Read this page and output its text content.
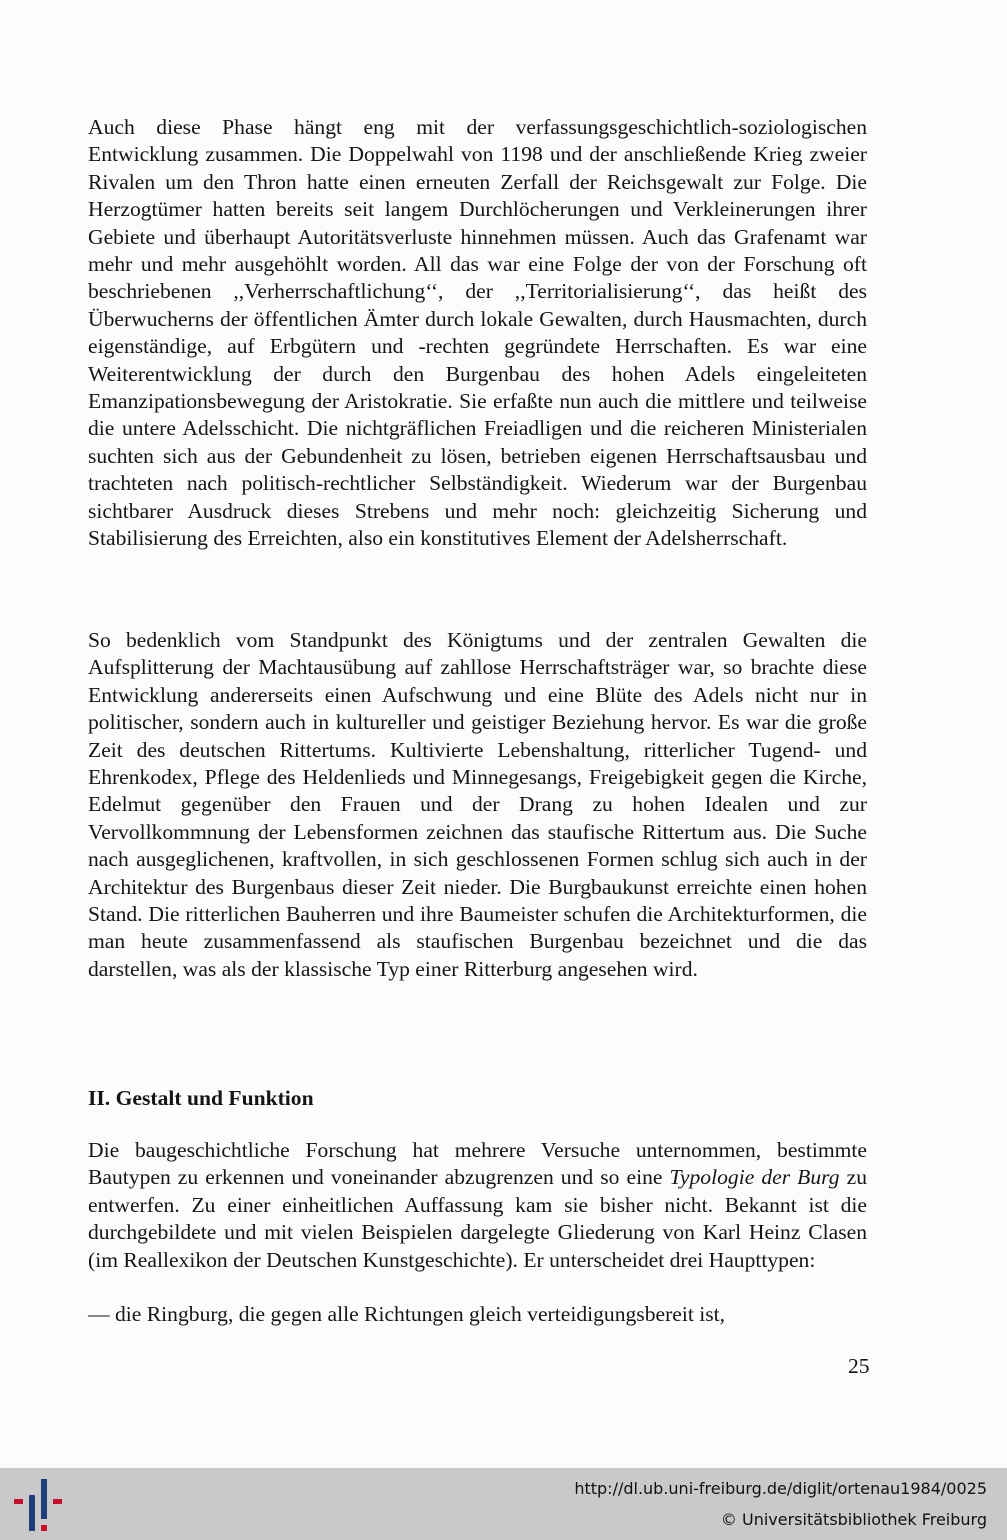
Auch diese Phase hängt eng mit der verfassungsgeschichtlich-soziologischen Entwicklung zusammen. Die Doppelwahl von 1198 und der anschließende Krieg zweier Rivalen um den Thron hatte einen erneuten Zerfall der Reichsgewalt zur Folge. Die Herzogtümer hatten bereits seit langem Durchlöcherungen und Verkleinerungen ihrer Gebiete und überhaupt Autoritätsverluste hinnehmen müssen. Auch das Grafenamt war mehr und mehr ausgehöhlt worden. All das war eine Folge der von der Forschung oft beschriebenen ,,Verherrschaftlichung‘‘, der ,,Territorialisierung‘‘, das heißt des Überwucherns der öffentlichen Ämter durch lokale Gewalten, durch Hausmachten, durch eigenständige, auf Erbgütern und -rechten gegründete Herrschaften. Es war eine Weiterentwicklung der durch den Burgenbau des hohen Adels eingeleiteten Emanzipationsbewegung der Aristokratie. Sie erfaßte nun auch die mittlere und teilweise die untere Adelsschicht. Die nichtgräflichen Freiadligen und die reicheren Ministerialen suchten sich aus der Gebundenheit zu lösen, betrieben eigenen Herrschaftsausbau und trachteten nach politisch-rechtlicher Selbständigkeit. Wiederum war der Burgenbau sichtbarer Ausdruck dieses Strebens und mehr noch: gleichzeitig Sicherung und Stabilisierung des Erreichten, also ein konstitutives Element der Adelsherrschaft.

So bedenklich vom Standpunkt des Königtums und der zentralen Gewalten die Aufsplitterung der Machtausübung auf zahllose Herrschaftsträger war, so brachte diese Entwicklung andererseits einen Aufschwung und eine Blüte des Adels nicht nur in politischer, sondern auch in kultureller und geistiger Beziehung hervor. Es war die große Zeit des deutschen Rittertums. Kultivierte Lebenshaltung, ritterlicher Tugend- und Ehrenkodex, Pflege des Heldenlieds und Minnegesangs, Freigebigkeit gegen die Kirche, Edelmut gegenüber den Frauen und der Drang zu hohen Idealen und zur Vervollkommnung der Lebensformen zeichnen das staufische Rittertum aus. Die Suche nach ausgeglichenen, kraftvollen, in sich geschlossenen Formen schlug sich auch in der Architektur des Burgenbaus dieser Zeit nieder. Die Burgbaukunst erreichte einen hohen Stand. Die ritterlichen Bauherren und ihre Baumeister schufen die Architekturformen, die man heute zusammenfassend als staufischen Burgenbau bezeichnet und die das darstellen, was als der klassische Typ einer Ritterburg angesehen wird.

II. Gestalt und Funktion

Die baugeschichtliche Forschung hat mehrere Versuche unternommen, bestimmte Bautypen zu erkennen und voneinander abzugrenzen und so eine Typologie der Burg zu entwerfen. Zu einer einheitlichen Auffassung kam sie bisher nicht. Bekannt ist die durchgebildete und mit vielen Beispielen dargelegte Gliederung von Karl Heinz Clasen (im Reallexikon der Deutschen Kunstgeschichte). Er unterscheidet drei Haupttypen:

— die Ringburg, die gegen alle Richtungen gleich verteidigungsbereit ist,
25
http://dl.ub.uni-freiburg.de/diglit/ortenau1984/0025
© Universitätsbibliothek Freiburg
